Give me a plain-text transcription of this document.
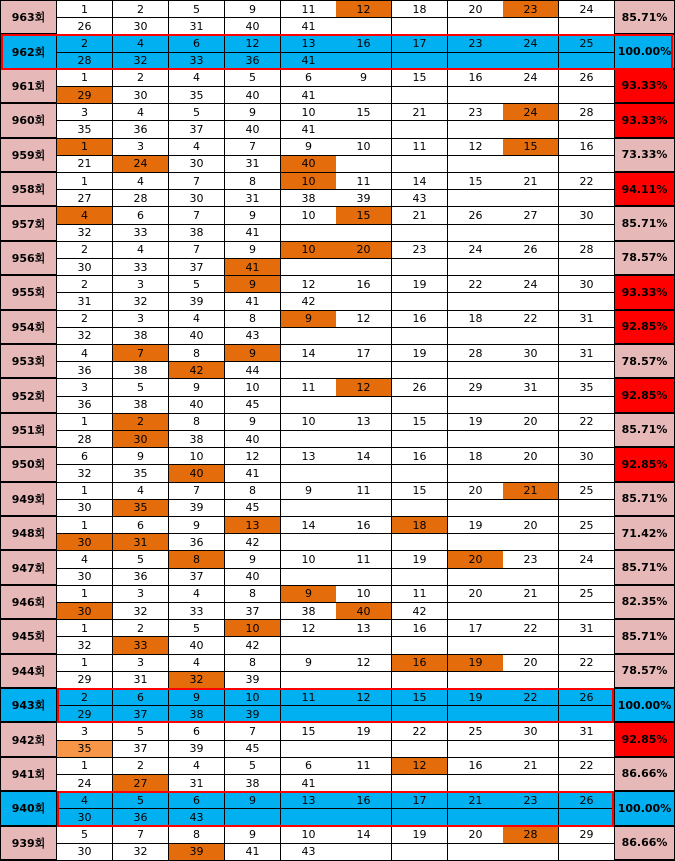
963회
1	2	5	9	11	12	18	20	23	24
26	30	31	40	41
85.71%
962회
2	4	6	12	13	16	17	23	24	25
28	32	33	36	41
100.00%
961회
1	2	4	5	6	9	15	16	24	26
29	30	35	40	41
93.33%
960회
3	4	5	9	10	15	21	23	24	28
35	36	37	40	41
93.33%
959회
1	3	4	7	9	10	11	12	15	16
21	24	30	31	40
73.33%
958회
1	4	7	8	10	11	14	15	21	22
27	28	30	31	38	39	43
94.11%
957회
4	6	7	9	10	15	21	26	27	30
32	33	38	41
85.71%
956회
2	4	7	9	10	20	23	24	26	28
30	33	37	41
78.57%
955회
2	3	5	9	12	16	19	22	24	30
31	32	39	41	42
93.33%
954회
2	3	4	8	9	12	16	18	22	31
32	38	40	43
92.85%
953회
4	7	8	9	14	17	19	28	30	31
36	38	42	44
78.57%
952회
3	5	9	10	11	12	26	29	31	35
36	38	40	45
92.85%
951회
1	2	8	9	10	13	15	19	20	22
28	30	38	40
85.71%
950회
6	9	10	12	13	14	16	18	20	30
32	35	40	41
92.85%
949회
1	4	7	8	9	11	15	20	21	25
30	35	39	45
85.71%
948회
1	6	9	13	14	16	18	19	20	25
30	31	36	42
71.42%
947회
4	5	8	9	10	11	19	20	23	24
30	36	37	40
85.71%
946회
1	3	4	8	9	10	11	20	21	25
30	32	33	37	38	40	42
82.35%
945회
1	2	5	10	12	13	16	17	22	31
32	33	40	42
85.71%
944회
1	3	4	8	9	12	16	19	20	22
29	31	32	39
78.57%
943회
2	6	9	10	11	12	15	19	22	26
29	37	38	39
100.00%
942회
3	5	6	7	15	19	22	25	30	31
35	37	39	45
92.85%
941회
1	2	4	5	6	11	12	16	21	22
24	27	31	38	41
86.66%
940회
4	5	6	9	13	16	17	21	23	26
30	36	43
100.00%
939회
5	7	8	9	10	14	19	20	28	29
30	32	39	41	43
86.66%
